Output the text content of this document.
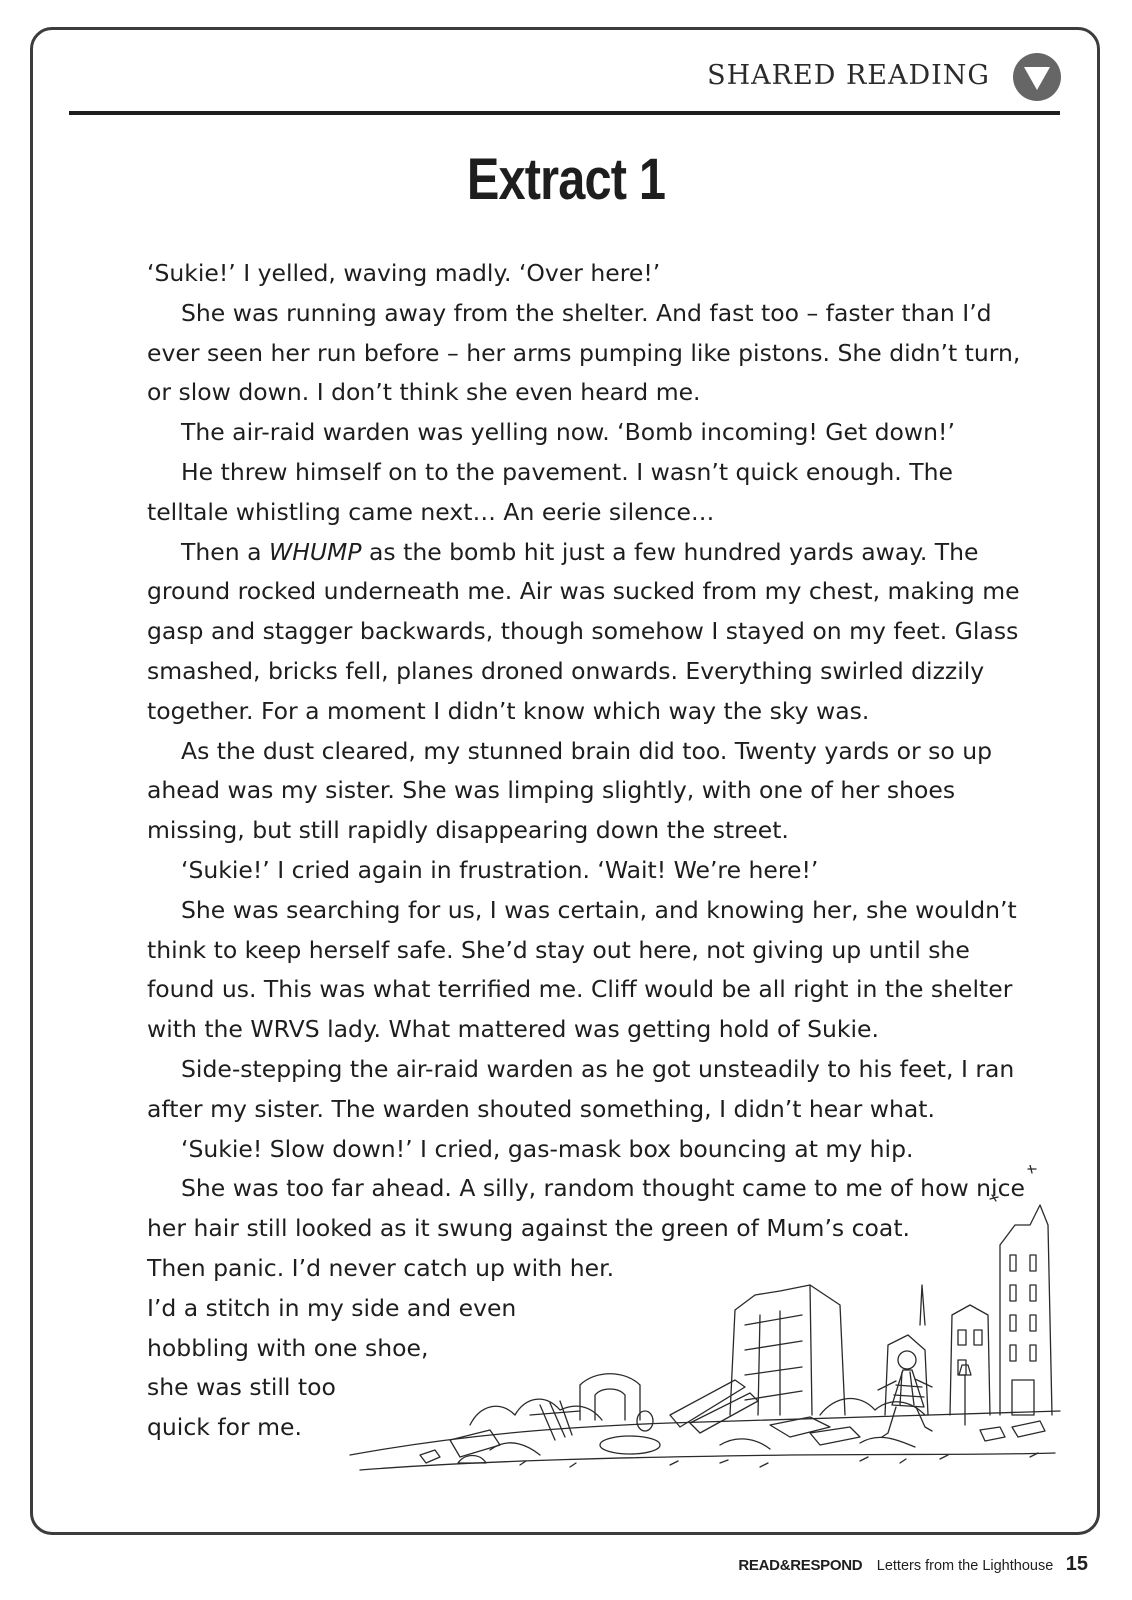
SHARED READING
Extract 1
‘Sukie!’ I yelled, waving madly. ‘Over here!’
She was running away from the shelter. And fast too – faster than I’d
ever seen her run before – her arms pumping like pistons. She didn’t turn,
or slow down. I don’t think she even heard me.
The air-raid warden was yelling now. ‘Bomb incoming! Get down!’
He threw himself on to the pavement. I wasn’t quick enough. The
telltale whistling came next… An eerie silence…
Then a WHUMP as the bomb hit just a few hundred yards away. The
ground rocked underneath me. Air was sucked from my chest, making me
gasp and stagger backwards, though somehow I stayed on my feet. Glass
smashed, bricks fell, planes droned onwards. Everything swirled dizzily
together. For a moment I didn’t know which way the sky was.
As the dust cleared, my stunned brain did too. Twenty yards or so up
ahead was my sister. She was limping slightly, with one of her shoes
missing, but still rapidly disappearing down the street.
‘Sukie!’ I cried again in frustration. ‘Wait! We’re here!’
She was searching for us, I was certain, and knowing her, she wouldn’t
think to keep herself safe. She’d stay out here, not giving up until she
found us. This was what terrified me. Cliff would be all right in the shelter
with the WRVS lady. What mattered was getting hold of Sukie.
Side-stepping the air-raid warden as he got unsteadily to his feet, I ran
after my sister. The warden shouted something, I didn’t hear what.
‘Sukie! Slow down!’ I cried, gas-mask box bouncing at my hip.
She was too far ahead. A silly, random thought came to me of how nice
her hair still looked as it swung against the green of Mum’s coat.
Then panic. I’d never catch up with her.
I’d a stitch in my side and even
hobbling with one shoe,
she was still too
quick for me.
READ&RESPOND Letters from the Lighthouse 15
